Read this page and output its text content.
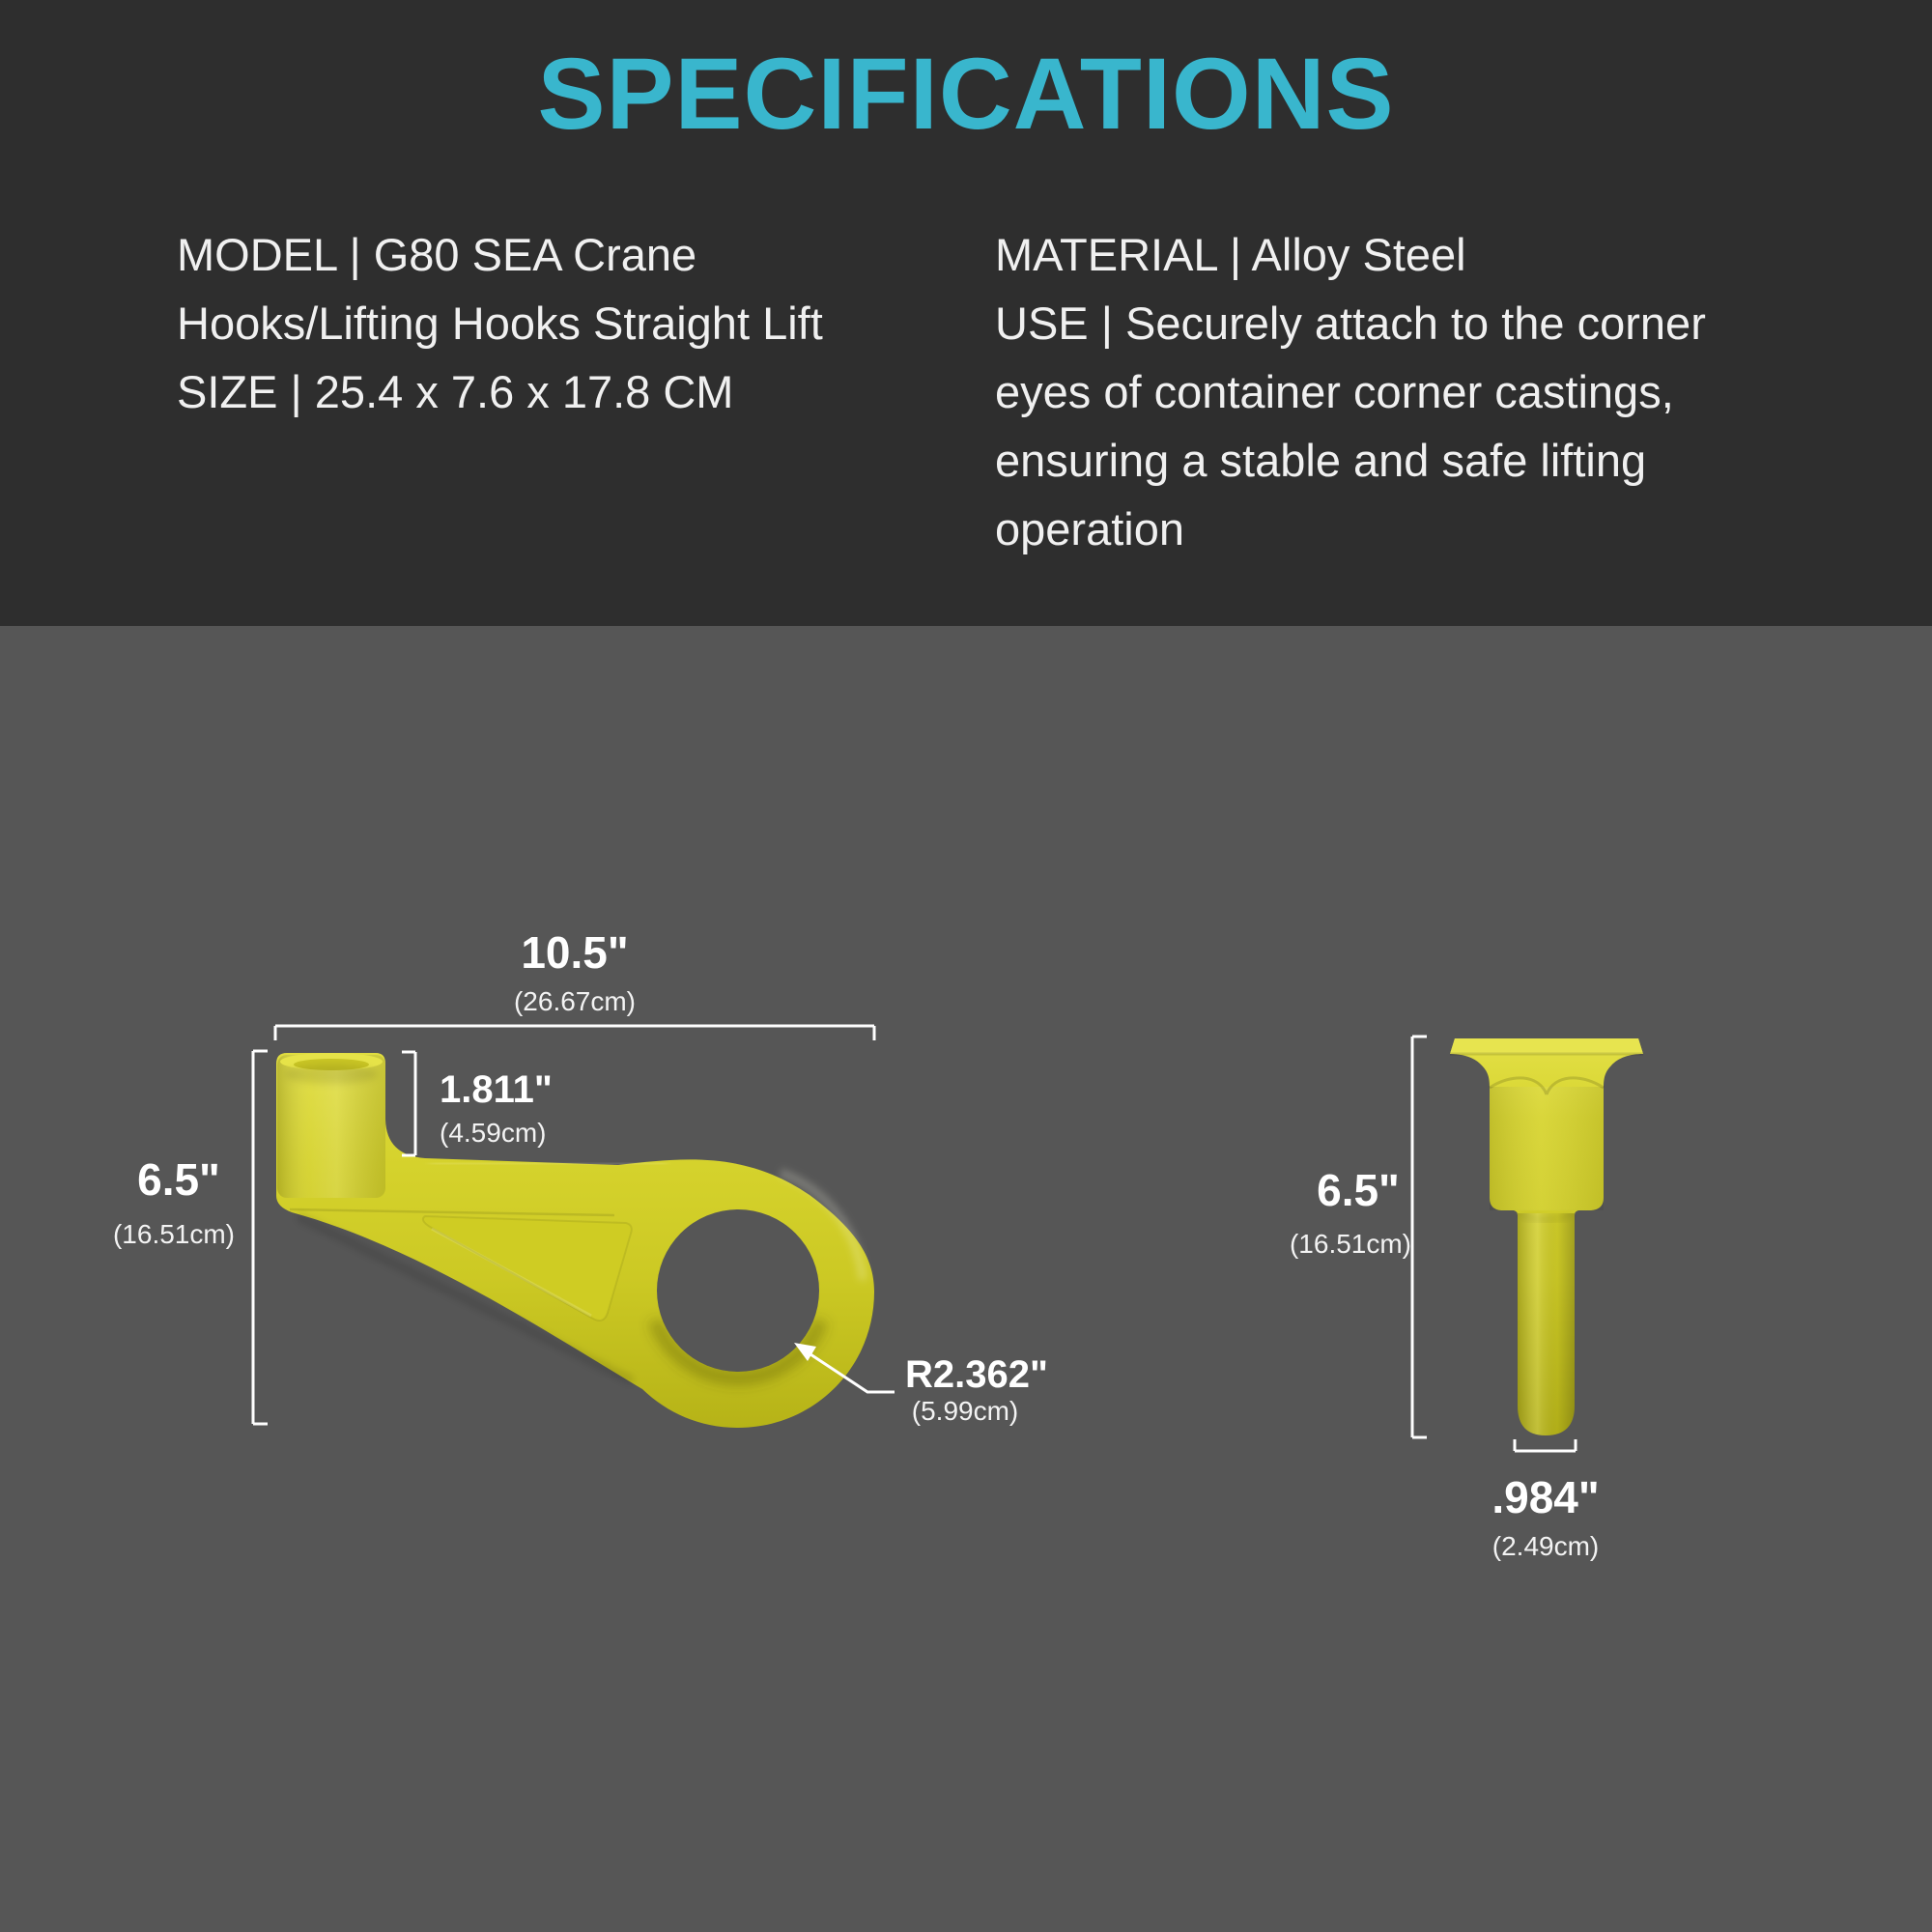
SPECIFICATIONS
MODEL | G80 SEA Crane
Hooks/Lifting Hooks Straight Lift
SIZE | 25.4 x 7.6 x 17.8 CM
MATERIAL | Alloy Steel
USE | Securely attach to the corner
eyes of container corner castings,
ensuring a stable and safe lifting
operation
10.5"
(26.67cm)
1.811"
(4.59cm)
6.5"
(16.51cm)
R2.362"
(5.99cm)
6.5"
(16.51cm)
.984"
(2.49cm)
